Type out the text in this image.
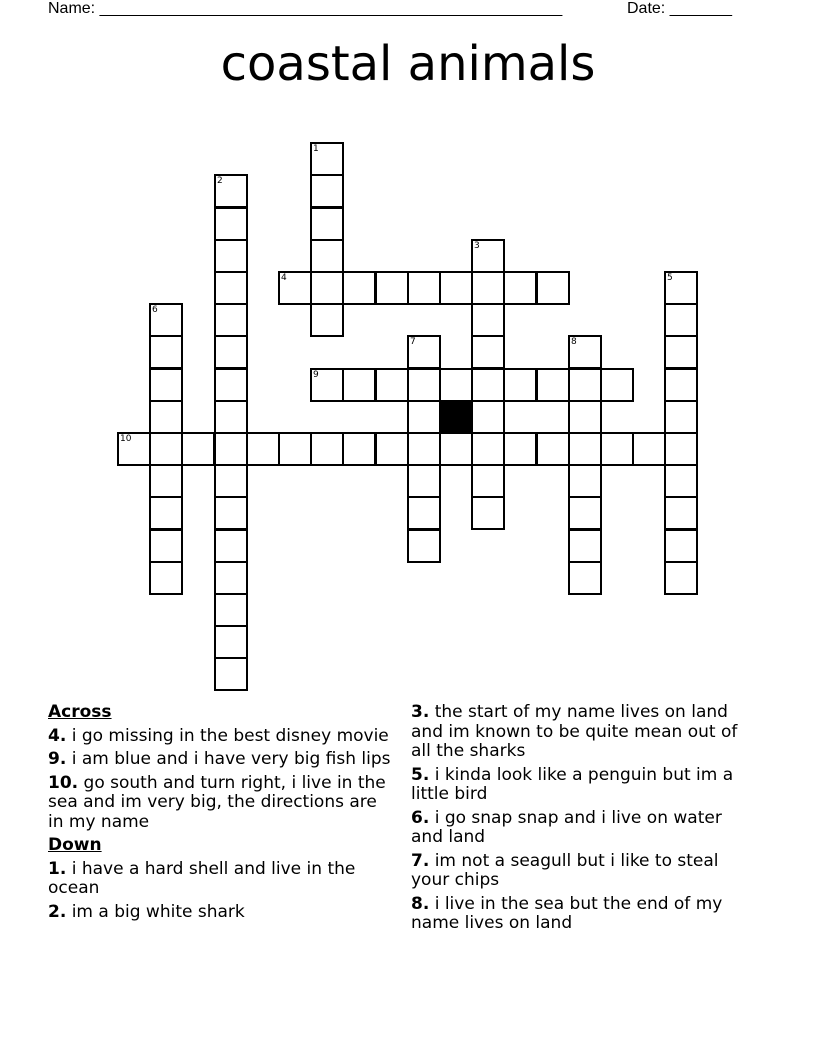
Name: ____________________________________________________	Date: _______
coastal animals
1
2
3
4	5
6
7	8
9
10
Across
4. i go missing in the best disney movie
9. i am blue and i have very big fish lips
10. go south and turn right, i live in the sea and im very big, the directions are in my name
Down
1. i have a hard shell and live in the ocean
2. im a big white shark
3. the start of my name lives on land and im known to be quite mean out of all the sharks
5. i kinda look like a penguin but im a little bird
6. i go snap snap and i live on water and land
7. im not a seagull but i like to steal your chips
8. i live in the sea but the end of my name lives on land
